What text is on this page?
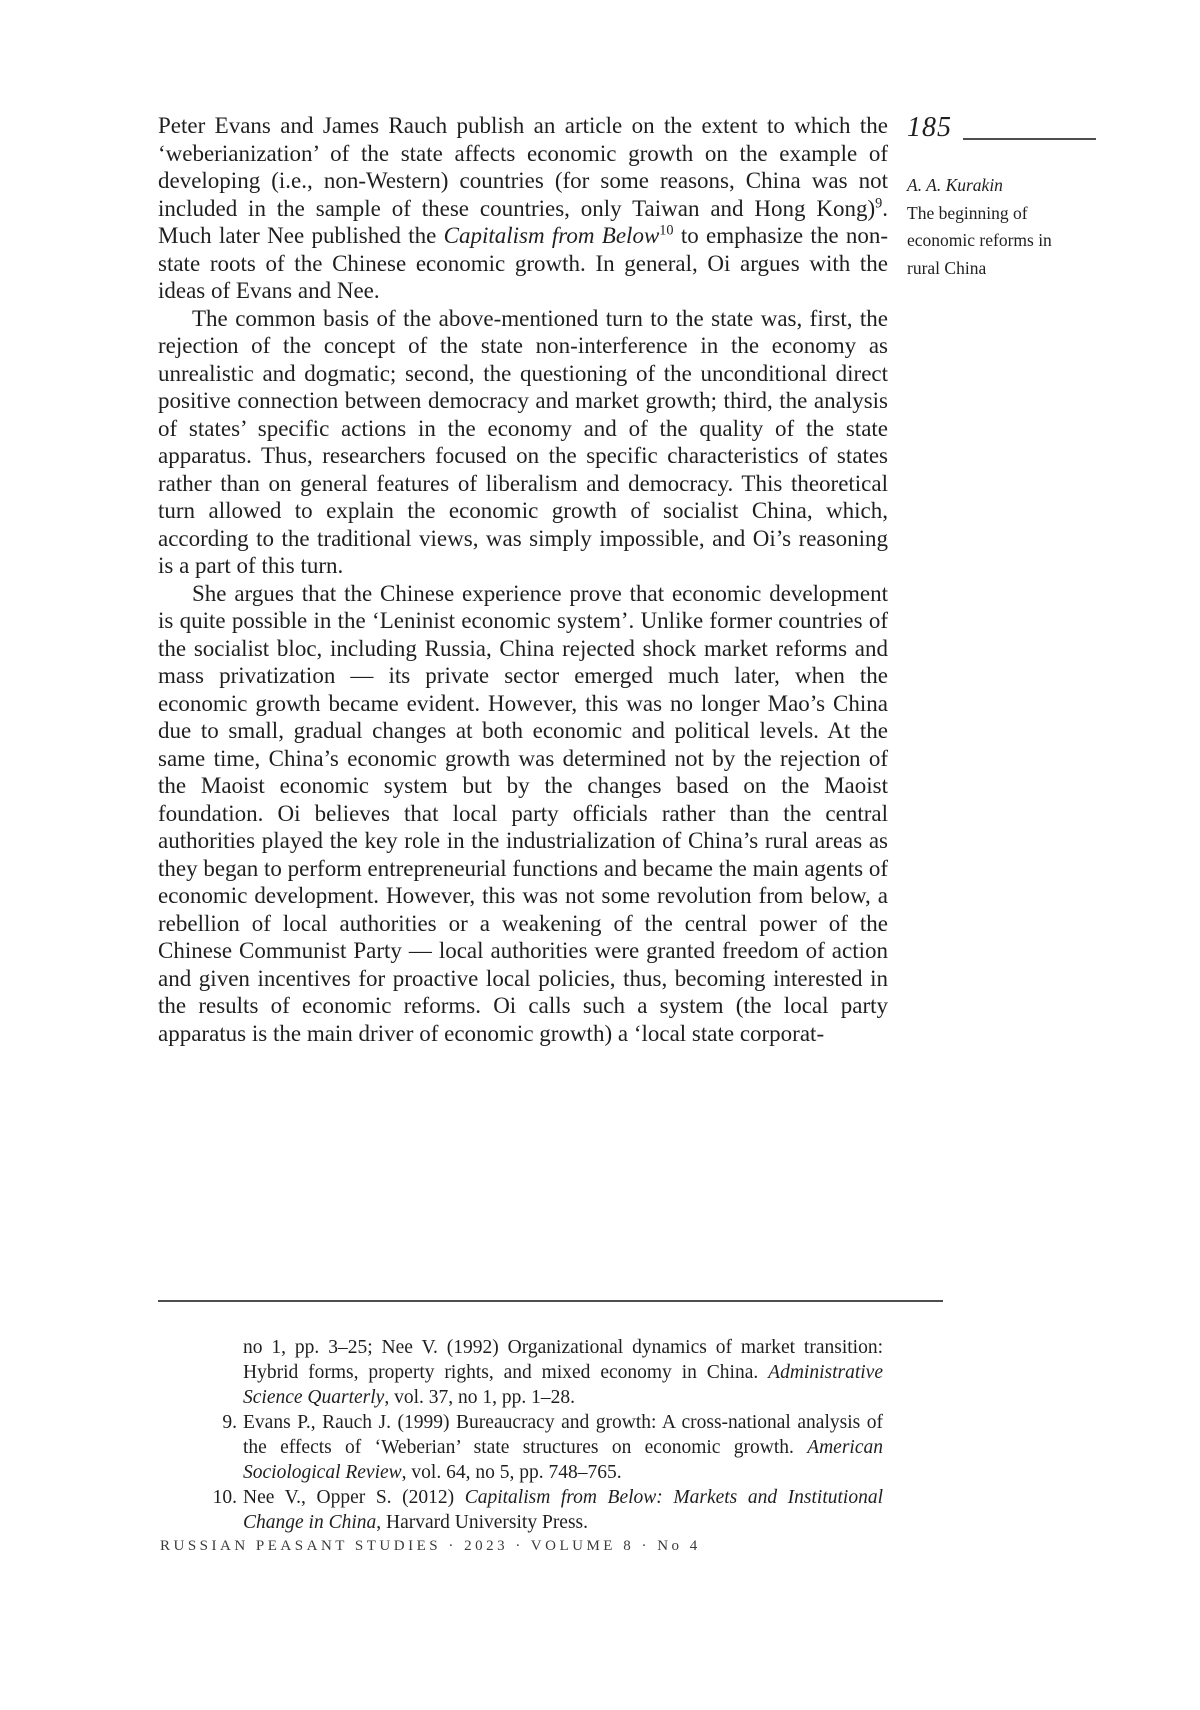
Peter Evans and James Rauch publish an article on the extent to which the ‘weberianization’ of the state affects economic growth on the example of developing (i.e., non-Western) countries (for some reasons, China was not included in the sample of these countries, only Taiwan and Hong Kong)$^9$. Much later Nee published the Capitalism from Below$^{10}$ to emphasize the non-state roots of the Chinese economic growth. In general, Oi argues with the ideas of Evans and Nee.

The common basis of the above-mentioned turn to the state was, first, the rejection of the concept of the state non-interference in the economy as unrealistic and dogmatic; second, the questioning of the unconditional direct positive connection between democracy and market growth; third, the analysis of states’ specific actions in the economy and of the quality of the state apparatus. Thus, researchers focused on the specific characteristics of states rather than on general features of liberalism and democracy. This theoretical turn allowed to explain the economic growth of socialist China, which, according to the traditional views, was simply impossible, and Oi’s reasoning is a part of this turn.

She argues that the Chinese experience prove that economic development is quite possible in the ‘Leninist economic system’. Unlike former countries of the socialist bloc, including Russia, China rejected shock market reforms and mass privatization — its private sector emerged much later, when the economic growth became evident. However, this was no longer Mao’s China due to small, gradual changes at both economic and political levels. At the same time, China’s economic growth was determined not by the rejection of the Maoist economic system but by the changes based on the Maoist foundation. Oi believes that local party officials rather than the central authorities played the key role in the industrialization of China’s rural areas as they began to perform entrepreneurial functions and became the main agents of economic development. However, this was not some revolution from below, a rebellion of local authorities or a weakening of the central power of the Chinese Communist Party — local authorities were granted freedom of action and given incentives for proactive local policies, thus, becoming interested in the results of economic reforms. Oi calls such a system (the local party apparatus is the main driver of economic growth) a ‘local state corporat-

185
A. A. Kurakin
The beginning of economic reforms in rural China
no 1, pp. 3–25; Nee V. (1992) Organizational dynamics of market transition: Hybrid forms, property rights, and mixed economy in China. Administrative Science Quarterly, vol. 37, no 1, pp. 1–28.
9. Evans P., Rauch J. (1999) Bureaucracy and growth: A cross-national analysis of the effects of ‘Weberian’ state structures on economic growth. American Sociological Review, vol. 64, no 5, pp. 748–765.
10. Nee V., Opper S. (2012) Capitalism from Below: Markets and Institutional Change in China, Harvard University Press.
RUSSIAN PEASANT STUDIES · 2023 · VOLUME 8 · No 4
